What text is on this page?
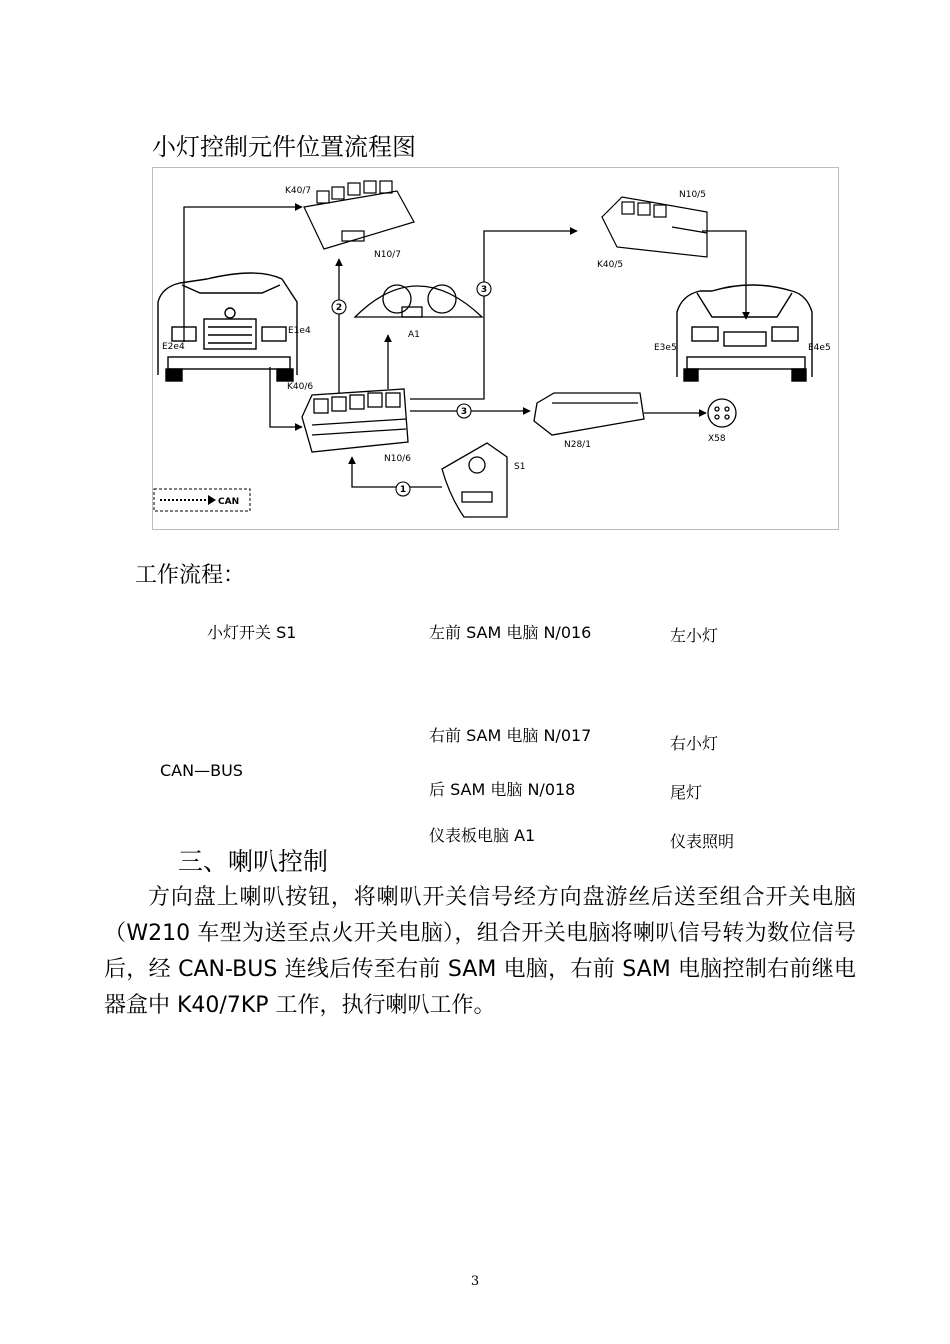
小灯控制元件位置流程图
2
3
3
1
CAN
K40/7
N10/7
N10/5
K40/5
A1
E1e4
E2e4
K40/6
N10/6
N28/1
X58
S1
E3e5	E4e5
工作流程：
小灯开关 S1
CAN—BUS
左前 SAM 电脑 N/016
右前 SAM 电脑 N/017
后 SAM 电脑 N/018
仪表板电脑 A1
左小灯
右小灯
尾灯
仪表照明
三、喇叭控制

方向盘上喇叭按钮，将喇叭开关信号经方向盘游丝后送至组合开关电脑（W210 车型为送至点火开关电脑），组合开关电脑将喇叭信号转为数位信号后，经 CAN-BUS 连线后传至右前 SAM 电脑，右前 SAM 电脑控制右前继电器盒中 K40/7KP 工作，执行喇叭工作。

3
